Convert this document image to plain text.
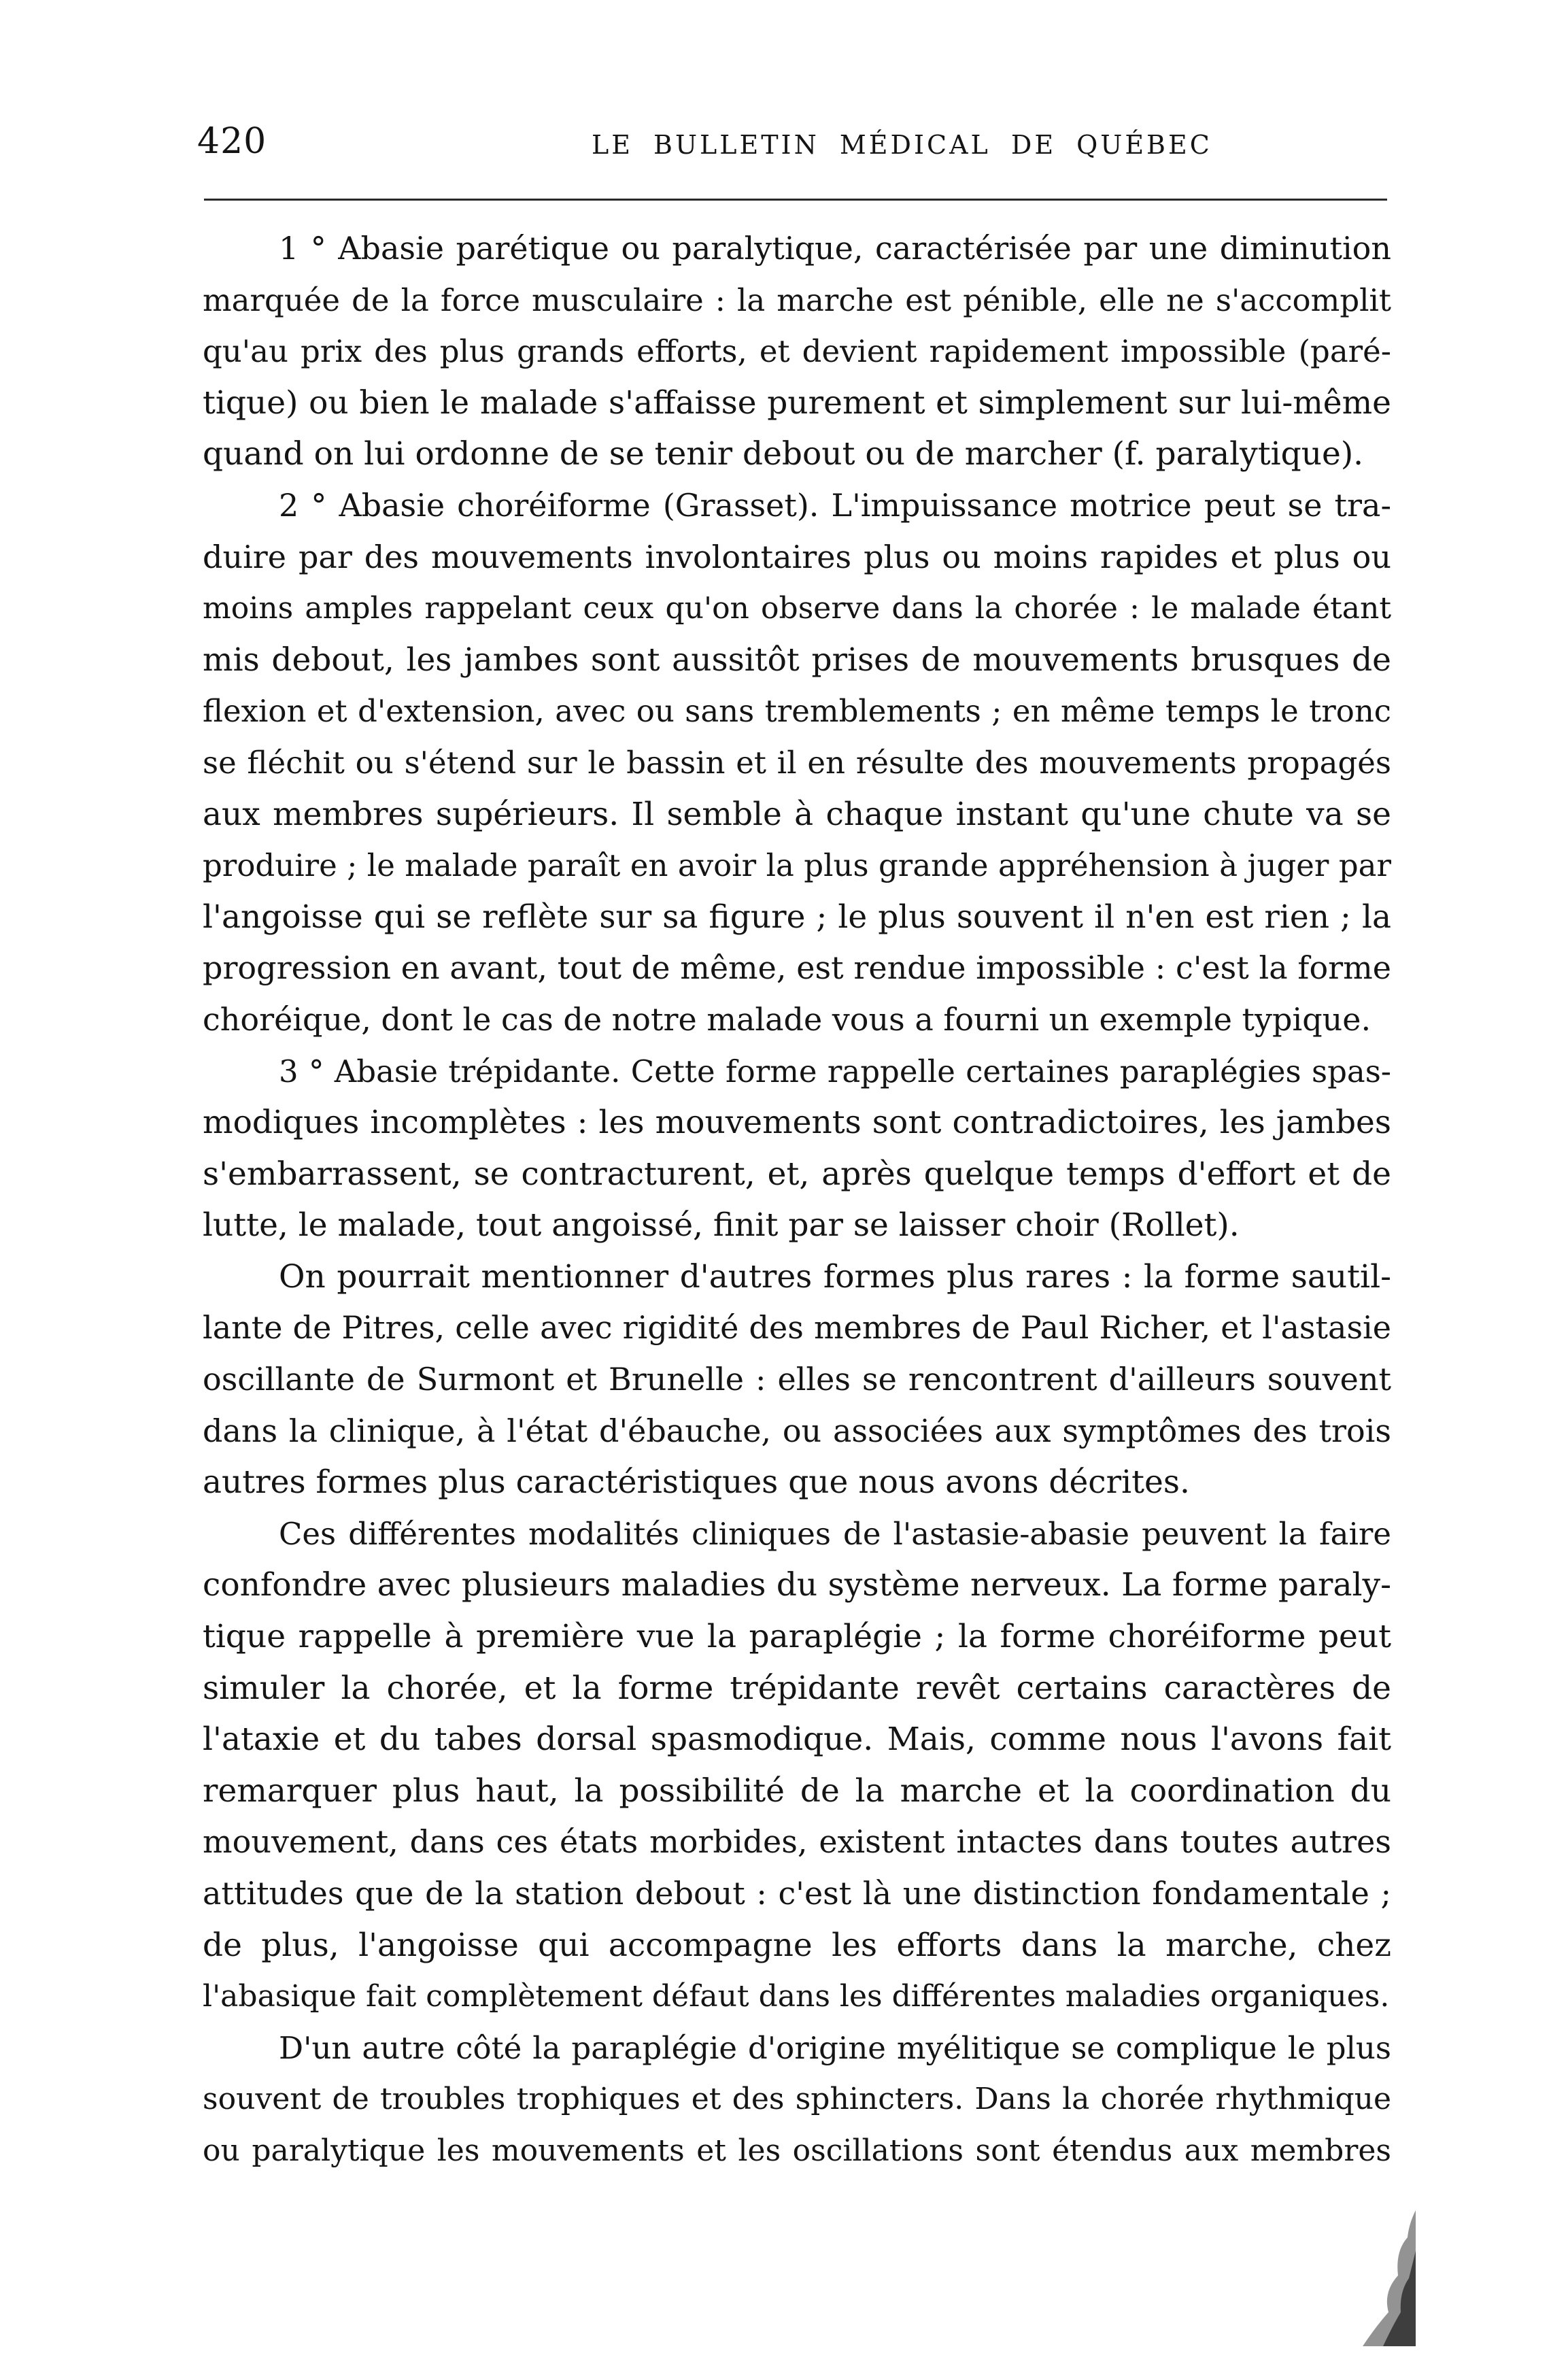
420	LE BULLETIN MÉDICAL DE QUÉBEC
1 ° Abasie parétique ou paralytique, caractérisée par une diminution
marquée de la force musculaire : la marche est pénible, elle ne s'accomplit
qu'au prix des plus grands efforts, et devient rapidement impossible (paré-
tique) ou bien le malade s'affaisse purement et simplement sur lui-même
quand on lui ordonne de se tenir debout ou de marcher (f. paralytique).
2 ° Abasie choréiforme (Grasset). L'impuissance motrice peut se tra-
duire par des mouvements involontaires plus ou moins rapides et plus ou
moins amples rappelant ceux qu'on observe dans la chorée : le malade étant
mis debout, les jambes sont aussitôt prises de mouvements brusques de
flexion et d'extension, avec ou sans tremblements ; en même temps le tronc
se fléchit ou s'étend sur le bassin et il en résulte des mouvements propagés
aux membres supérieurs. Il semble à chaque instant qu'une chute va se
produire ; le malade paraît en avoir la plus grande appréhension à juger par
l'angoisse qui se reflète sur sa figure ; le plus souvent il n'en est rien ; la
progression en avant, tout de même, est rendue impossible : c'est la forme
choréique, dont le cas de notre malade vous a fourni un exemple typique.
3 ° Abasie trépidante. Cette forme rappelle certaines paraplégies spas-
modiques incomplètes : les mouvements sont contradictoires, les jambes
s'embarrassent, se contracturent, et, après quelque temps d'effort et de
lutte, le malade, tout angoissé, finit par se laisser choir (Rollet).
On pourrait mentionner d'autres formes plus rares : la forme sautil-
lante de Pitres, celle avec rigidité des membres de Paul Richer, et l'astasie
oscillante de Surmont et Brunelle : elles se rencontrent d'ailleurs souvent
dans la clinique, à l'état d'ébauche, ou associées aux symptômes des trois
autres formes plus caractéristiques que nous avons décrites.
Ces différentes modalités cliniques de l'astasie-abasie peuvent la faire
confondre avec plusieurs maladies du système nerveux. La forme paraly-
tique rappelle à première vue la paraplégie ; la forme choréiforme peut
simuler la chorée, et la forme trépidante revêt certains caractères de
l'ataxie et du tabes dorsal spasmodique. Mais, comme nous l'avons fait
remarquer plus haut, la possibilité de la marche et la coordination du
mouvement, dans ces états morbides, existent intactes dans toutes autres
attitudes que de la station debout : c'est là une distinction fondamentale ;
de plus, l'angoisse qui accompagne les efforts dans la marche, chez
l'abasique fait complètement défaut dans les différentes maladies organiques.
D'un autre côté la paraplégie d'origine myélitique se complique le plus
souvent de troubles trophiques et des sphincters. Dans la chorée rhythmique
ou paralytique les mouvements et les oscillations sont étendus aux membres
